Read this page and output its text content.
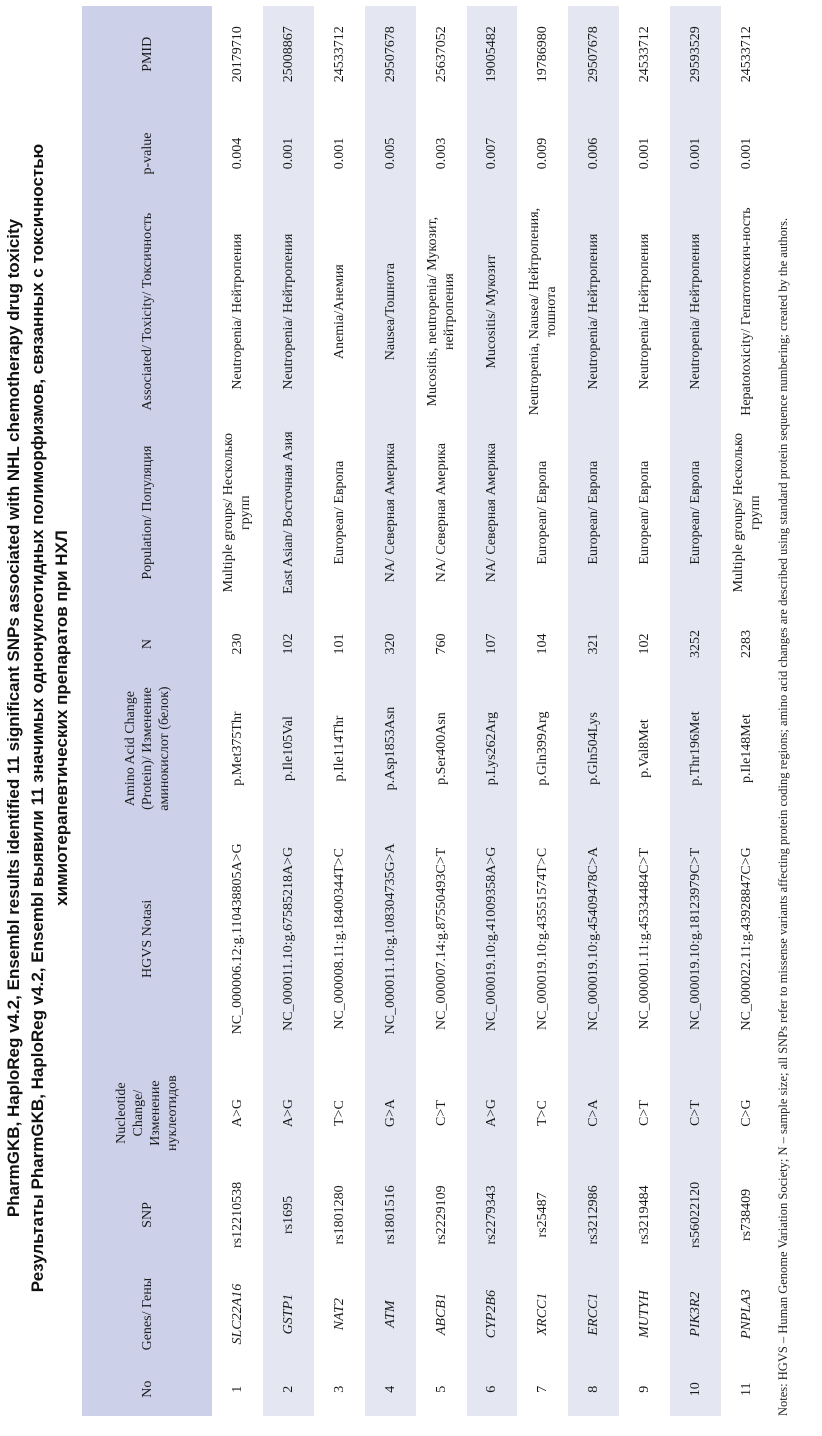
PharmGKB, HaploReg v4.2, Ensembl results identified 11 significant SNPs associated with NHL chemotherapy drug toxicity Результаты PharmGKB, HaploReg v4.2, Ensembl выявили 11 значимых однонуклеотидных полиморфизмов, связанных с токсичностью химиотерапевтических препаратов при НХЛ
No	Genes/ Гены	SNP	Nucleotide Change/ Изменение нуклеотидов	HGVS Notasi	Amino Acid Change (Protein)/ Изменение аминокислот (белок)	N	Population/ Популяция	Associated/ Toxicity/ Токсичность	p-value	PMID
1	SLC22A16	rs12210538	A>G	NC_000006.12:g.110438805A>G	p.Met375Thr	230	Multiple groups/ Несколько групп	Neutropenia/ Нейтропения	0.004	20179710
2	GSTP1	rs1695	A>G	NC_000011.10:g.67585218A>G	p.Ile105Val	102	East Asian/ Восточная Азия	Neutropenia/ Нейтропения	0.001	25008867
3	NAT2	rs1801280	T>C	NC_000008.11:g.18400344T>C	p.Ile114Thr	101	European/ Европа	Anemia/Анемия	0.001	24533712
4	ATM	rs1801516	G>A	NC_000011.10:g.108304735G>A	p.Asp1853Asn	320	NA/ Северная Америка	Nausea/Тошнота	0.005	29507678
5	ABCB1	rs2229109	C>T	NC_000007.14:g.87550493C>T	p.Ser400Asn	760	NA/ Северная Америка	Mucositis, neutropenia/ Мукозит, нейтропения	0.003	25637052
6	CYP2B6	rs2279343	A>G	NC_000019.10:g.41009358A>G	p.Lys262Arg	107	NA/ Северная Америка	Mucositis/ Мукозит	0.007	19005482
7	XRCC1	rs25487	T>C	NC_000019.10:g.43551574T>C	p.Gln399Arg	104	European/ Европа	Neutropenia, Nausea/ Нейтропения, тошнота	0.009	19786980
8	ERCC1	rs3212986	C>A	NC_000019.10:g.45409478C>A	p.Gln504Lys	321	European/ Европа	Neutropenia/ Нейтропения	0.006	29507678
9	MUTYH	rs3219484	C>T	NC_000001.11:g.45334484C>T	p.Val8Met	102	European/ Европа	Neutropenia/ Нейтропения	0.001	24533712
10	PIK3R2	rs56022120	C>T	NC_000019.10:g.18123979C>T	p.Thr196Met	3252	European/ Европа	Neutropenia/ Нейтропения	0.001	29593529
11	PNPLA3	rs738409	C>G	NC_000022.11:g.43928847C>G	p.Ile148Met	2283	Multiple groups/ Несколько групп	Hepatotoxicity/ Гепатотоксич-ность	0.001	24533712
Notes: HGVS – Human Genome Variation Society; N – sample size; all SNPs refer to missense variants affecting protein coding regions; amino acid changes are described using standard protein sequence numbering; created by the authors.
